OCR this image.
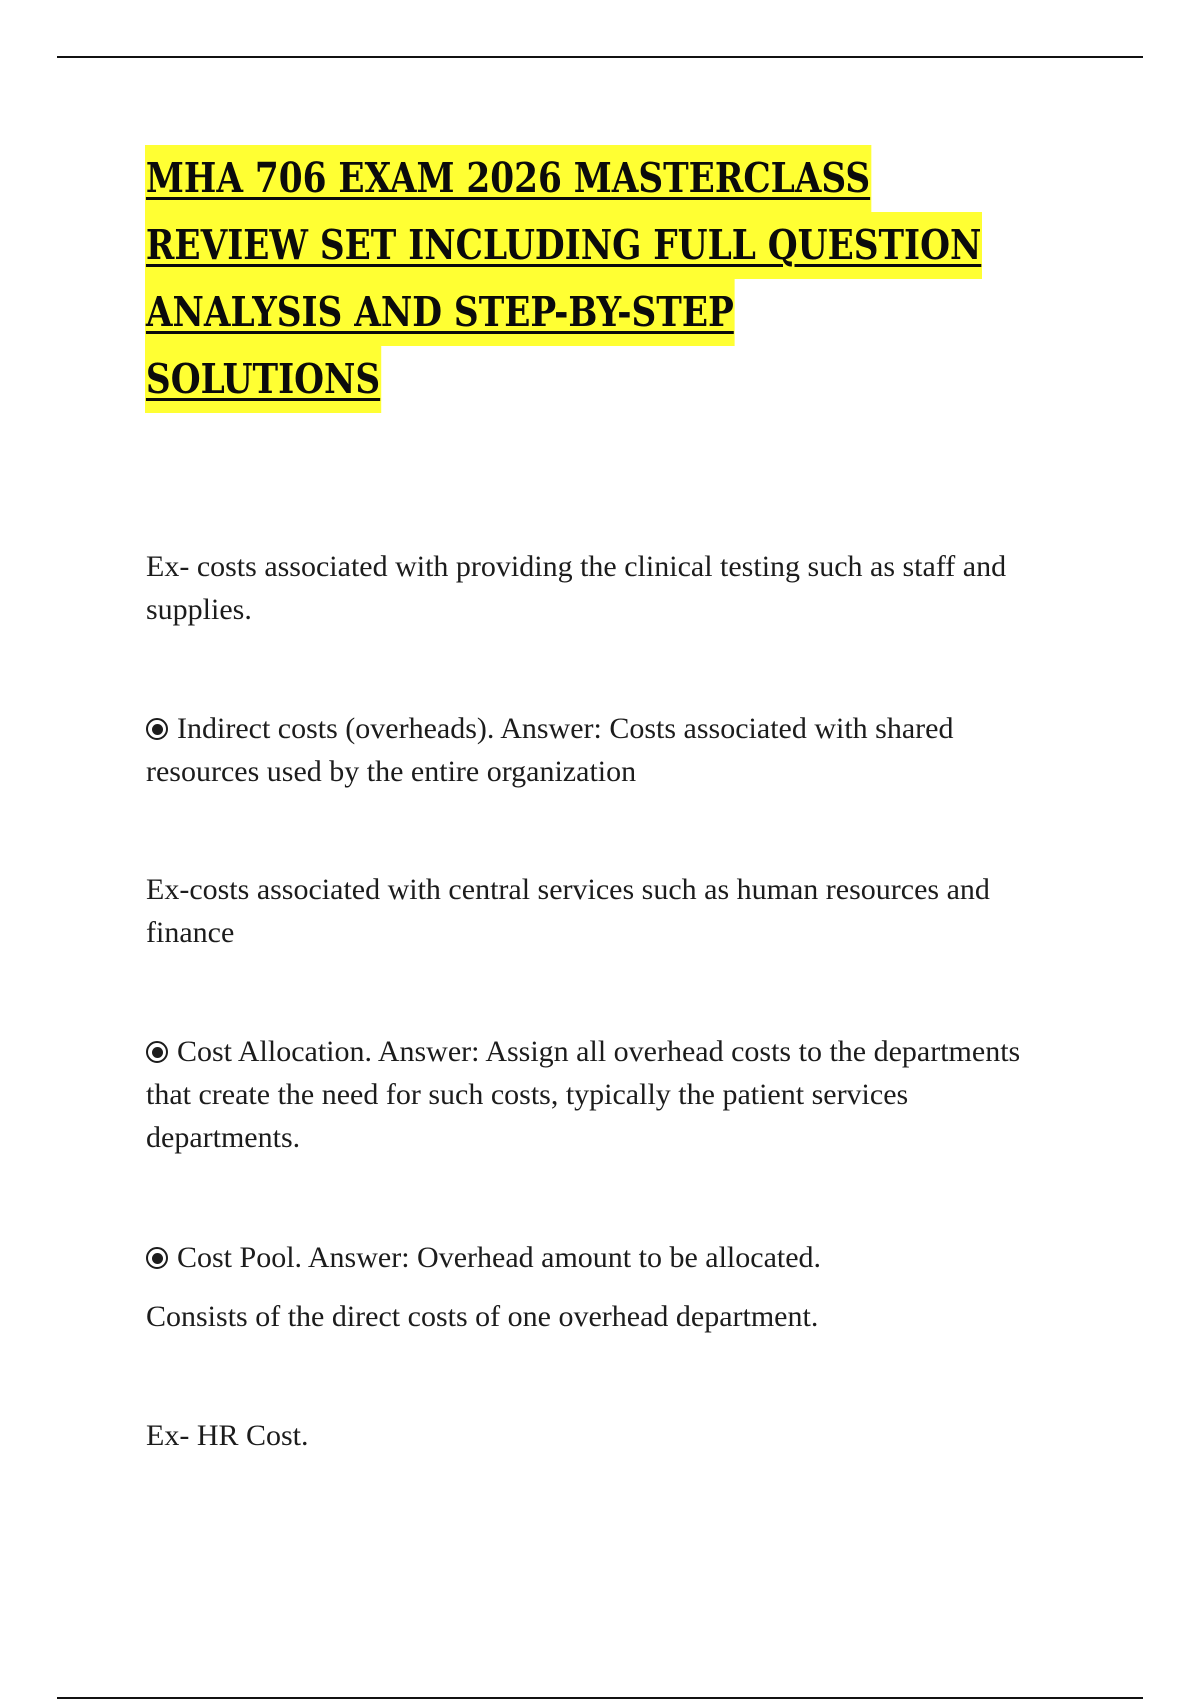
MHA 706 EXAM 2026 MASTERCLASS
REVIEW SET INCLUDING FULL QUESTION
ANALYSIS AND STEP-BY-STEP
SOLUTIONS
Ex- costs associated with providing the clinical testing such as staff and supplies.
Indirect costs (overheads). Answer: Costs associated with shared resources used by the entire organization
Ex-costs associated with central services such as human resources and finance
Cost Allocation. Answer: Assign all overhead costs to the departments that create the need for such costs, typically the patient services departments.
Cost Pool. Answer: Overhead amount to be allocated.
Consists of the direct costs of one overhead department.
Ex- HR Cost.
